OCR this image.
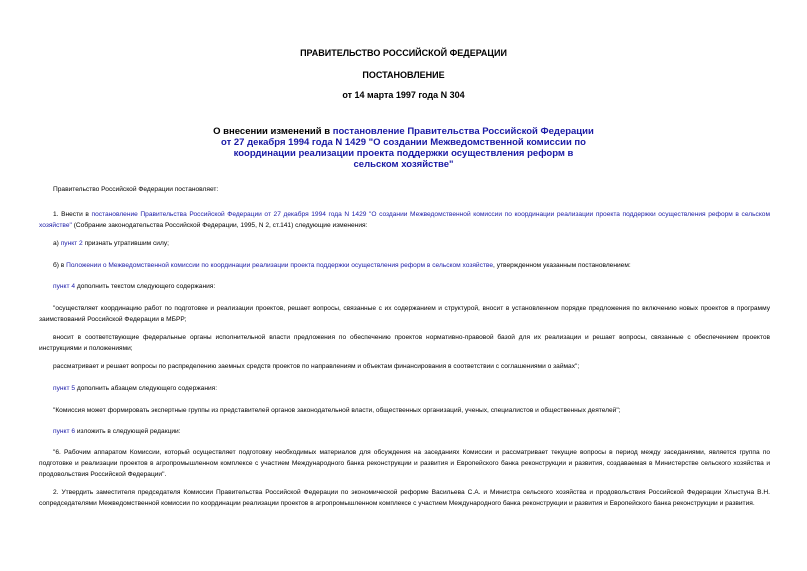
ПРАВИТЕЛЬСТВО РОССИЙСКОЙ ФЕДЕРАЦИИ
ПОСТАНОВЛЕНИЕ
от 14 марта 1997 года N 304
О внесении изменений в постановление Правительства Российской Федерации от 27 декабря 1994 года N 1429 "О создании Межведомственной комиссии по координации реализации проекта поддержки осуществления реформ в сельском хозяйстве"

Правительство Российской Федерации постановляет:

1. Внести в постановление Правительства Российской Федерации от 27 декабря 1994 года N 1429 "О создании Межведомственной комиссии по координации реализации проекта поддержки осуществления реформ в сельском хозяйстве" (Собрание законодательства Российской Федерации, 1995, N 2, ст.141) следующие изменения:

а) пункт 2 признать утратившим силу;

б) в Положении о Межведомственной комиссии по координации реализации проекта поддержки осуществления реформ в сельском хозяйстве, утвержденном указанным постановлением:

пункт 4 дополнить текстом следующего содержания:

"осуществляет координацию работ по подготовке и реализации проектов, решает вопросы, связанные с их содержанием и структурой, вносит в установленном порядке предложения по включению новых проектов в программу заимствований Российской Федерации в МБРР;

вносит в соответствующие федеральные органы исполнительной власти предложения по обеспечению проектов нормативно-правовой базой для их реализации и решает вопросы, связанные с обеспечением проектов инструкциями и положениями;

рассматривает и решает вопросы по распределению заемных средств проектов по направлениям и объектам финансирования в соответствии с соглашениями о займах";

пункт 5 дополнить абзацем следующего содержания:

"Комиссия может формировать экспертные группы из представителей органов законодательной власти, общественных организаций, ученых, специалистов и общественных деятелей";

пункт 6 изложить в следующей редакции:

"6. Рабочим аппаратом Комиссии, который осуществляет подготовку необходимых материалов для обсуждения на заседаниях Комиссии и рассматривает текущие вопросы в период между заседаниями, является группа по подготовке и реализации проектов в агропромышленном комплексе с участием Международного банка реконструкции и развития и Европейского банка реконструкции и развития, создаваемая в Министерстве сельского хозяйства и продовольствия Российской Федерации".

2. Утвердить заместителя председателя Комиссии Правительства Российской Федерации по экономической реформе Васильева С.А. и Министра сельского хозяйства и продовольствия Российской Федерации Хлыстуна В.Н. сопредседателями Межведомственной комиссии по координации реализации проектов в агропромышленном комплексе с участием Международного банка реконструкции и развития и Европейского банка реконструкции и развития.
